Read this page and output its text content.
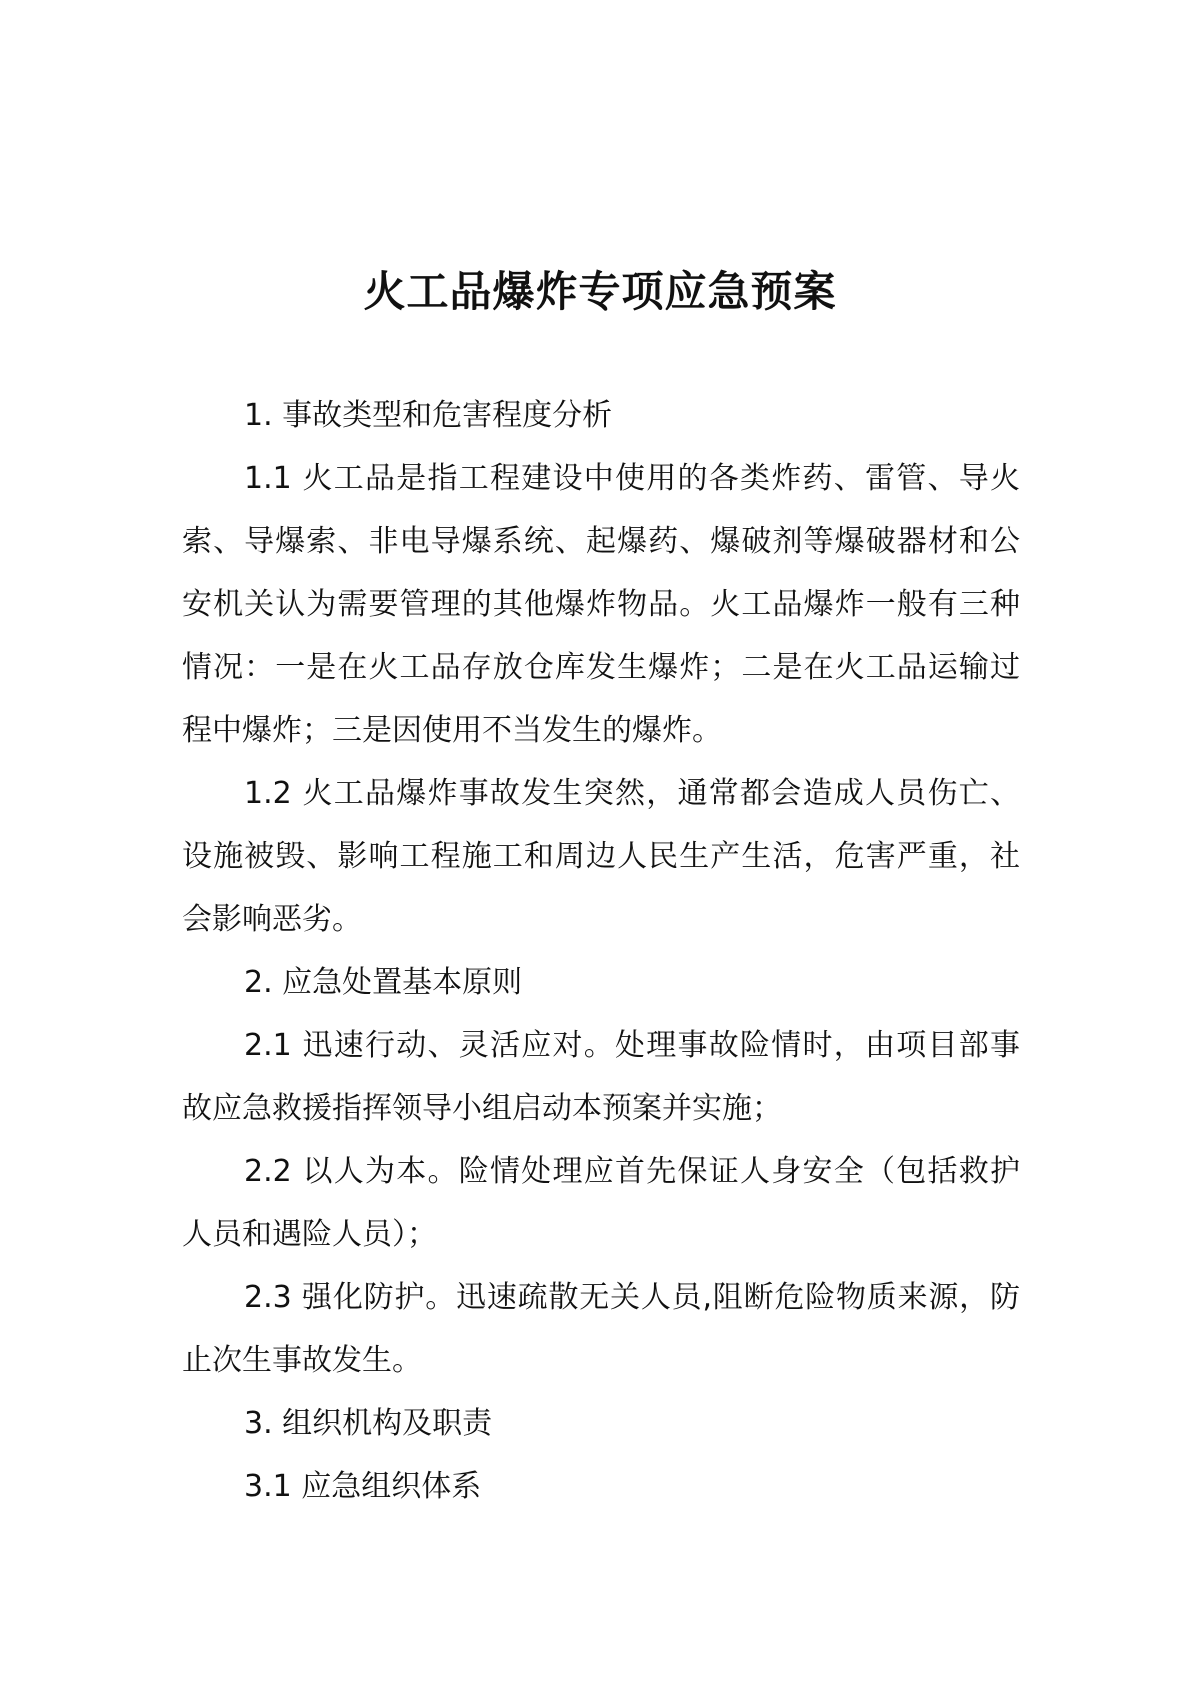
火工品爆炸专项应急预案

1. 事故类型和危害程度分析

1.1 火工品是指工程建设中使用的各类炸药、雷管、导火索、导爆索、非电导爆系统、起爆药、爆破剂等爆破器材和公安机关认为需要管理的其他爆炸物品。火工品爆炸一般有三种情况：一是在火工品存放仓库发生爆炸；二是在火工品运输过程中爆炸；三是因使用不当发生的爆炸。

1.2 火工品爆炸事故发生突然，通常都会造成人员伤亡、设施被毁、影响工程施工和周边人民生产生活，危害严重，社会影响恶劣。

2. 应急处置基本原则

2.1 迅速行动、灵活应对。处理事故险情时，由项目部事故应急救援指挥领导小组启动本预案并实施；

2.2 以人为本。险情处理应首先保证人身安全（包括救护人员和遇险人员）；

2.3 强化防护。迅速疏散无关人员,阻断危险物质来源，防止次生事故发生。

3. 组织机构及职责

3.1 应急组织体系
